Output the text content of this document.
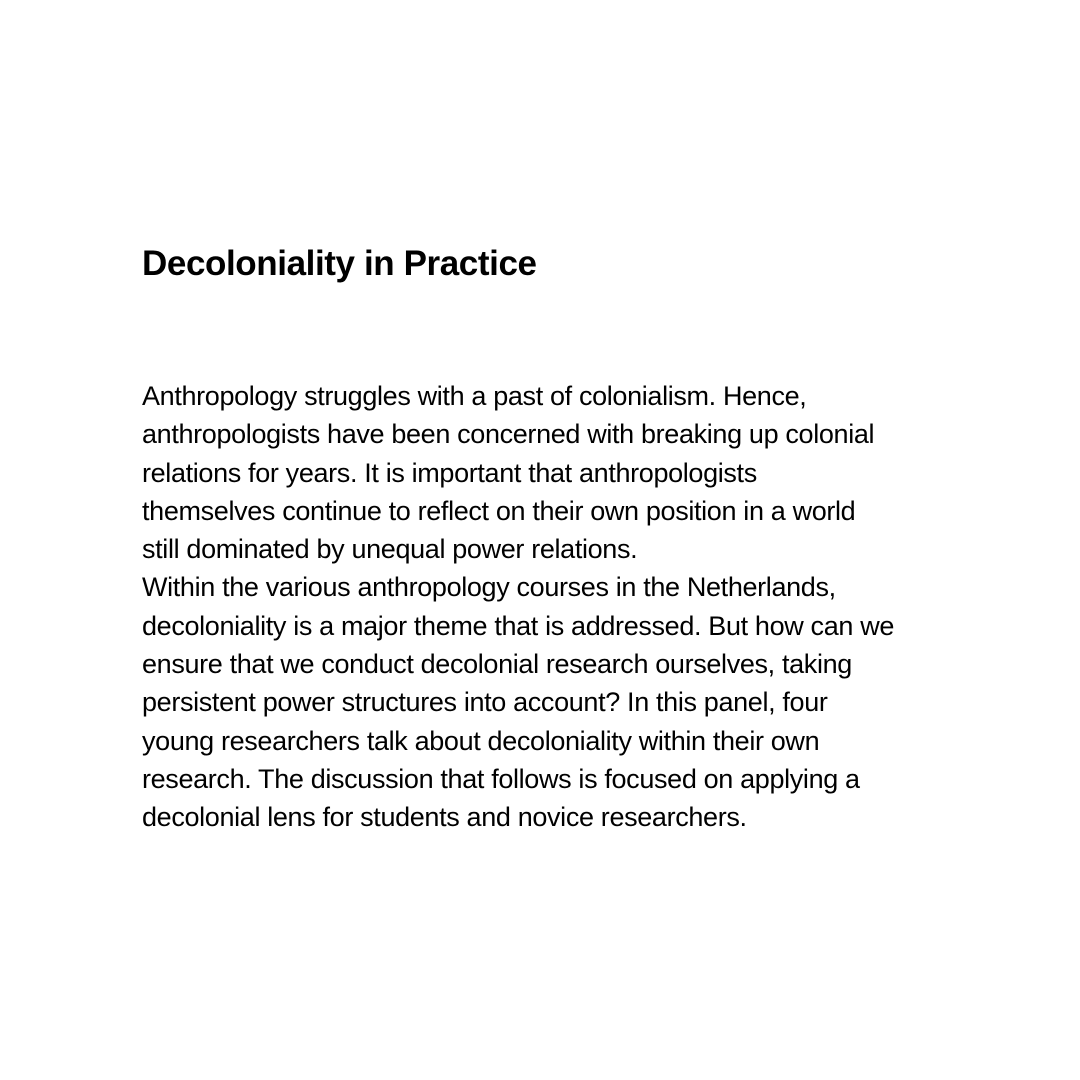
Decoloniality in Practice
Anthropology struggles with a past of colonialism. Hence,
anthropologists have been concerned with breaking up colonial
relations for years. It is important that anthropologists
themselves continue to reflect on their own position in a world
still dominated by unequal power relations.
Within the various anthropology courses in the Netherlands,
decoloniality is a major theme that is addressed. But how can we
ensure that we conduct decolonial research ourselves, taking
persistent power structures into account? In this panel, four
young researchers talk about decoloniality within their own
research. The discussion that follows is focused on applying a
decolonial lens for students and novice researchers.
